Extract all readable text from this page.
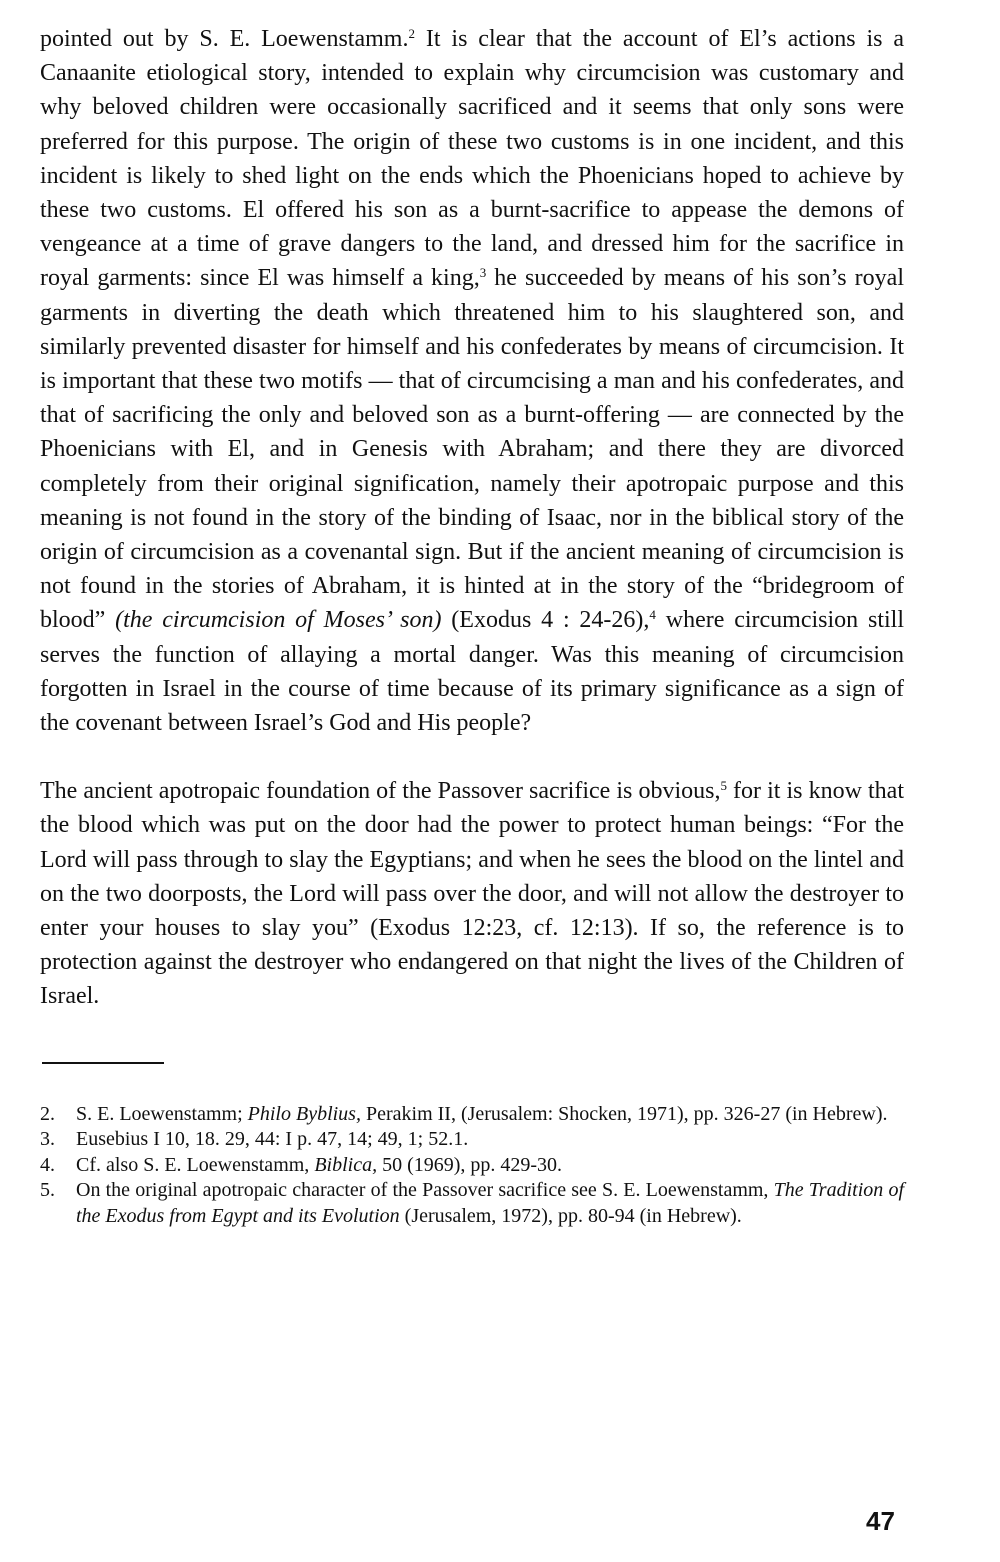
pointed out by S. E. Loewenstamm.$^2$ It is clear that the account of El’s actions is a Canaanite etiological story, intended to explain why circumcision was customary and why beloved children were occasionally sacrificed and it seems that only sons were preferred for this purpose. The origin of these two customs is in one incident, and this incident is likely to shed light on the ends which the Phoenicians hoped to achieve by these two customs. El offered his son as a burnt-sacrifice to appease the demons of vengeance at a time of grave dangers to the land, and dressed him for the sacrifice in royal garments: since El was himself a king,$^3$ he succeeded by means of his son’s royal garments in diverting the death which threatened him to his slaughtered son, and similarly prevented disaster for himself and his confederates by means of circumcision. It is important that these two motifs — that of circumcising a man and his confederates, and that of sacrificing the only and beloved son as a burnt-offering — are connected by the Phoenicians with El, and in Genesis with Abraham; and there they are divorced completely from their original signification, namely their apotropaic purpose and this meaning is not found in the story of the binding of Isaac, nor in the biblical story of the origin of circumcision as a covenantal sign. But if the ancient meaning of circumcision is not found in the stories of Abraham, it is hinted at in the story of the “bridegroom of blood” (the circumcision of Moses’ son) (Exodus 4 : 24-26),$^4$ where circumcision still serves the function of allaying a mortal danger. Was this meaning of circumcision forgotten in Israel in the course of time because of its primary significance as a sign of the covenant between Israel’s God and His people?

The ancient apotropaic foundation of the Passover sacrifice is obvious,$^5$ for it is know that the blood which was put on the door had the power to protect human beings: “For the Lord will pass through to slay the Egyptians; and when he sees the blood on the lintel and on the two doorposts, the Lord will pass over the door, and will not allow the destroyer to enter your houses to slay you” (Exodus 12:23, cf. 12:13). If so, the reference is to protection against the destroyer who endangered on that night the lives of the Children of Israel.

2.	S. E. Loewenstamm; Philo Byblius, Perakim II, (Jerusalem: Shocken, 1971), pp. 326-27 (in Hebrew).
3.	Eusebius I 10, 18. 29, 44: I p. 47, 14; 49, 1; 52.1.
4.	Cf. also S. E. Loewenstamm, Biblica, 50 (1969), pp. 429-30.
5.	On the original apotropaic character of the Passover sacrifice see S. E. Loewenstamm, The Tradition of the Exodus from Egypt and its Evolution (Jerusalem, 1972), pp. 80-94 (in Hebrew).
47
